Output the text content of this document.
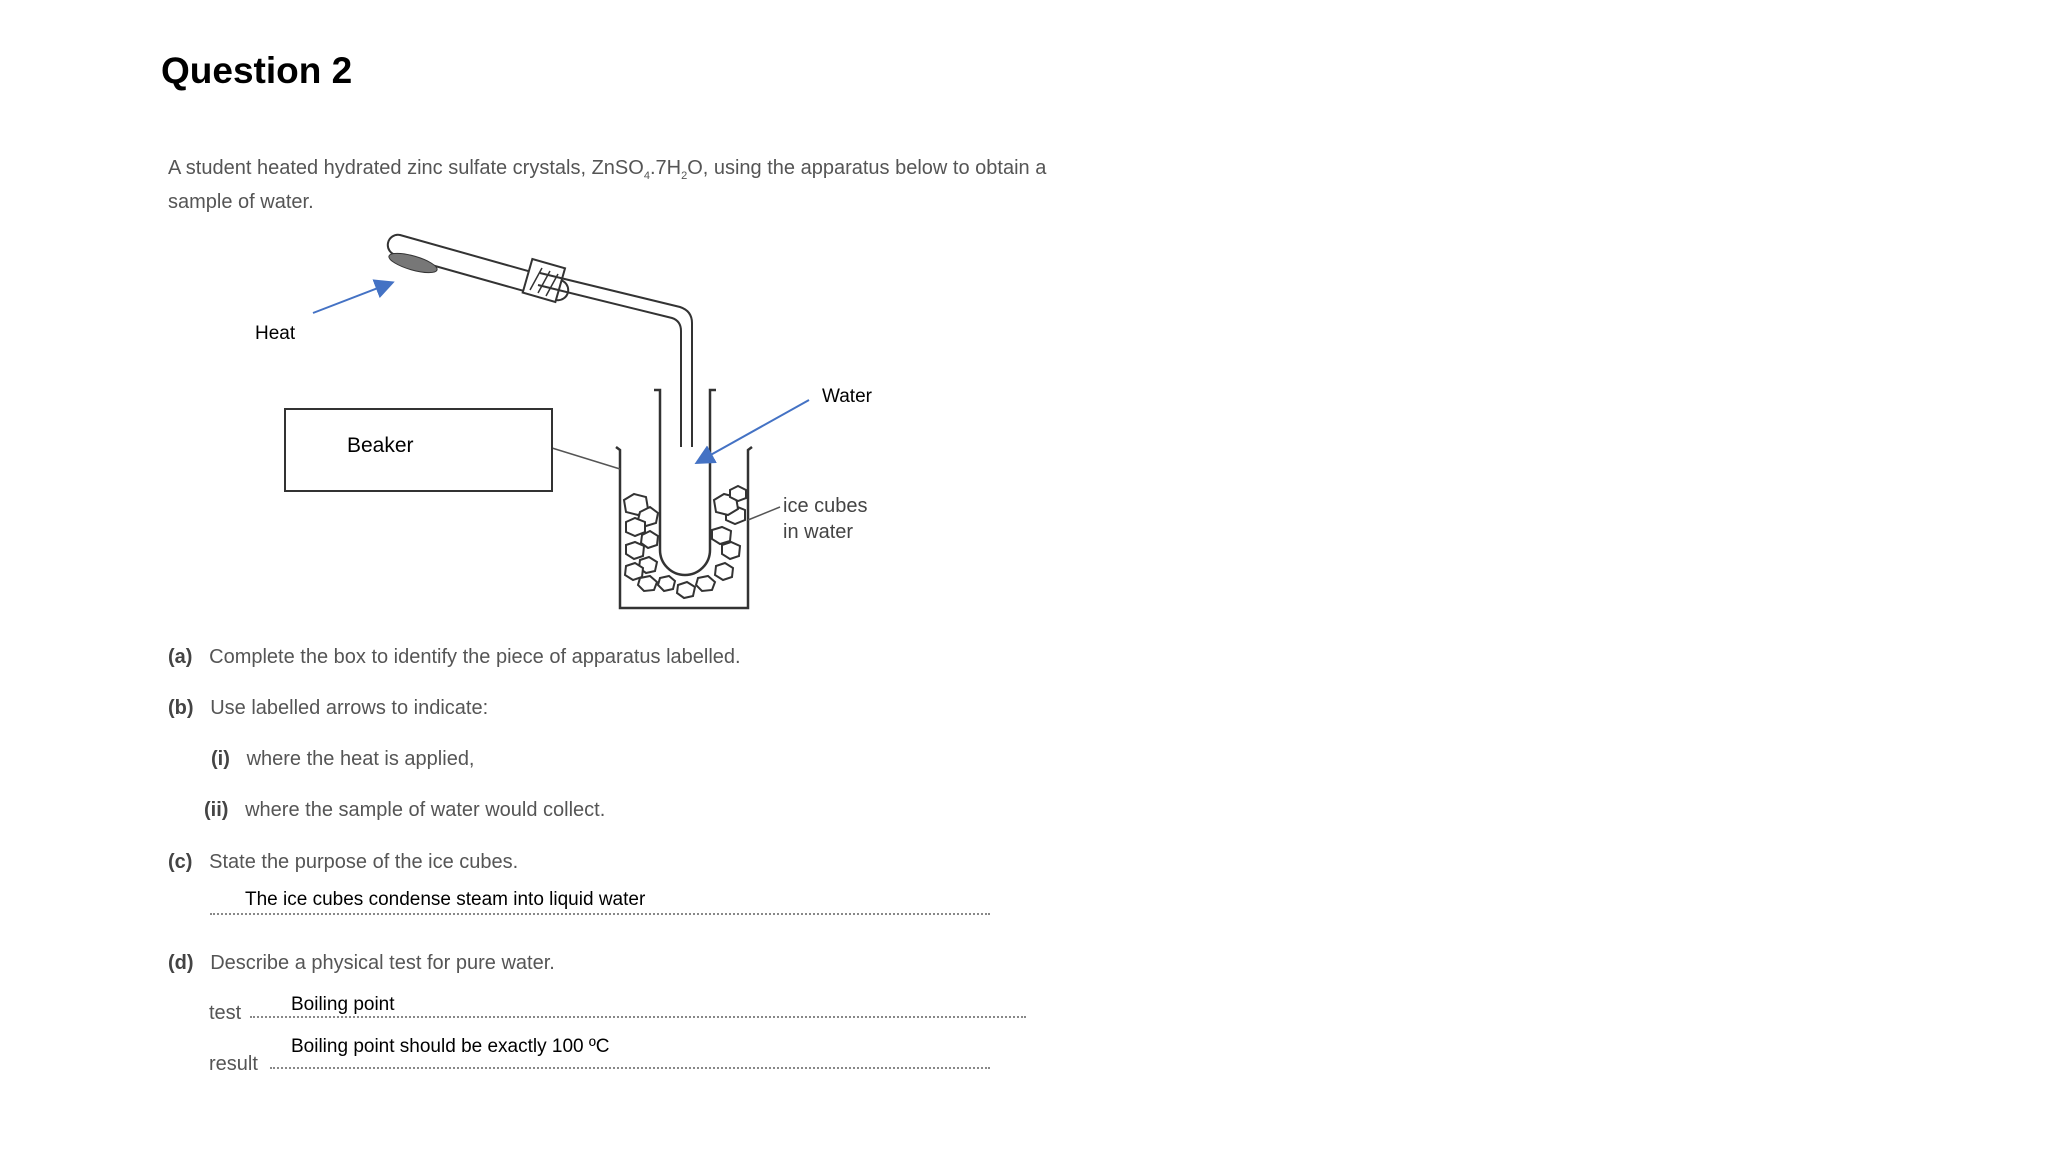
Question 2
A student heated hydrated zinc sulfate crystals, $ZnSO_4.7H_2O$, using the apparatus below to obtain a sample of water.
Heat
Water
Beaker
ice cubes
in water
(a) Complete the box to identify the piece of apparatus labelled.
(b) Use labelled arrows to indicate:
(i) where the heat is applied,
(ii) where the sample of water would collect.
(c) State the purpose of the ice cubes.
The ice cubes condense steam into liquid water
(d) Describe a physical test for pure water.
test	Boiling point
result
Boiling point should be exactly 100 ºC
